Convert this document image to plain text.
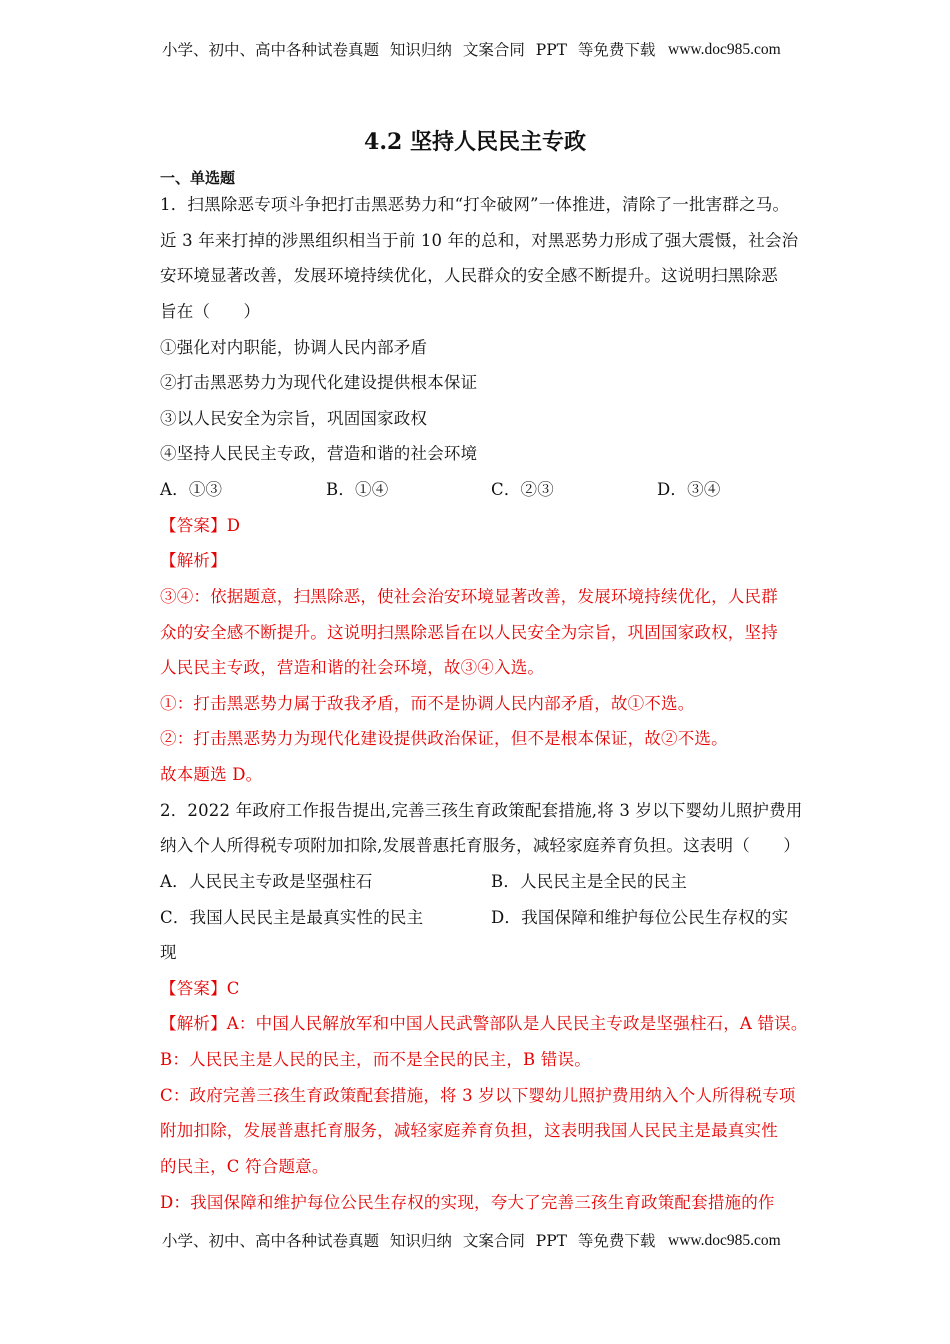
小学、初中、高中各种试卷真题 知识归纳 文案合同 PPT 等免费下载 www.doc985.com
4.2 坚持人民民主专政
一、单选题
1．扫黑除恶专项斗争把打击黑恶势力和“打伞破网”一体推进，清除了一批害群之马。
近 3 年来打掉的涉黑组织相当于前 10 年的总和，对黑恶势力形成了强大震慑，社会治
安环境显著改善，发展环境持续优化，人民群众的安全感不断提升。这说明扫黑除恶
旨在（　　）
①强化对内职能，协调人民内部矛盾
②打击黑恶势力为现代化建设提供根本保证
③以人民安全为宗旨，巩固国家政权
④坚持人民民主专政，营造和谐的社会环境
A．①③	B．①④	C．②③	D．③④
【答案】D
【解析】
③④：依据题意，扫黑除恶，使社会治安环境显著改善，发展环境持续优化，人民群
众的安全感不断提升。这说明扫黑除恶旨在以人民安全为宗旨，巩固国家政权，坚持
人民民主专政，营造和谐的社会环境，故③④入选。
①：打击黑恶势力属于敌我矛盾，而不是协调人民内部矛盾，故①不选。
②：打击黑恶势力为现代化建设提供政治保证，但不是根本保证，故②不选。
故本题选 D。
2．2022 年政府工作报告提出,完善三孩生育政策配套措施,将 3 岁以下婴幼儿照护费用
纳入个人所得税专项附加扣除,发展普惠托育服务，减轻家庭养育负担。这表明（　　）
A．人民民主专政是坚强柱石	B．人民民主是全民的民主
C．我国人民民主是最真实性的民主	D．我国保障和维护每位公民生存权的实
现
【答案】C
【解析】A：中国人民解放军和中国人民武警部队是人民民主专政是坚强柱石，A 错误。
B：人民民主是人民的民主，而不是全民的民主，B 错误。
C：政府完善三孩生育政策配套措施，将 3 岁以下婴幼儿照护费用纳入个人所得税专项
附加扣除，发展普惠托育服务，减轻家庭养育负担，这表明我国人民民主是最真实性
的民主，C 符合题意。
D：我国保障和维护每位公民生存权的实现，夸大了完善三孩生育政策配套措施的作
小学、初中、高中各种试卷真题 知识归纳 文案合同 PPT 等免费下载 www.doc985.com
